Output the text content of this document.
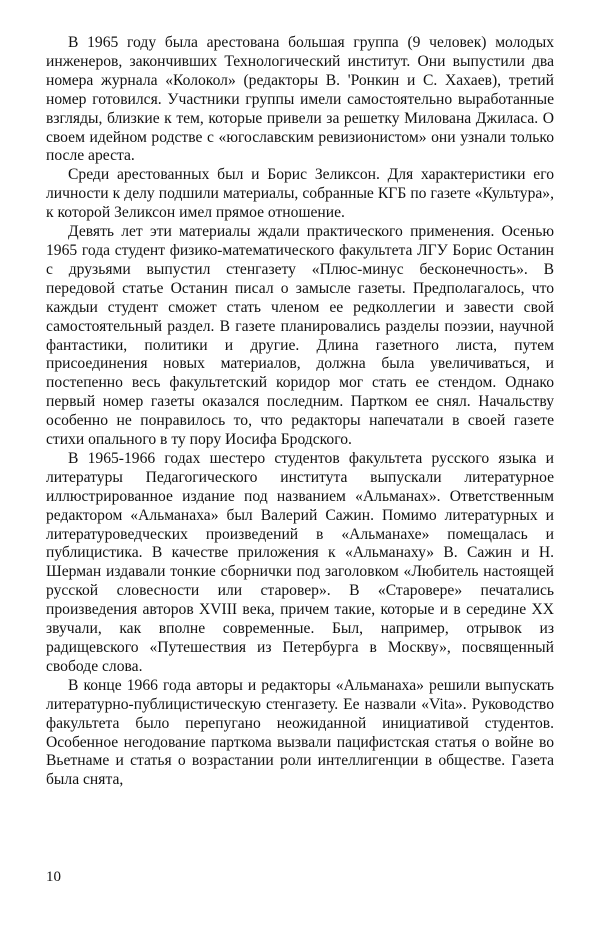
В 1965 году была арестована большая группа (9 человек) молодых инженеров, закончивших Технологический институт. Они выпустили два номера журнала «Колокол» (редакторы В. 'Ронкин и С. Хахаев), третий номер готовился. Участники группы имели самостоятельно выработанные взгляды, близкие к тем, которые привели за решетку Милована Джиласа. О своем идейном родстве с «югославским ревизионистом» они узнали только после ареста.

Среди арестованных был и Борис Зеликсон. Для характеристики его личности к делу подшили материалы, собранные КГБ по газете «Культура», к которой Зеликсон имел прямое отношение.

Девять лет эти материалы ждали практического применения. Осенью 1965 года студент физико-математического факультета ЛГУ Борис Останин с друзьями выпустил стенгазету «Плюс-минус бесконечность». В передовой статье Останин писал о замысле газеты. Предполагалось, что каждыи студент сможет стать членом ее редколлегии и завести свой самостоятельный раздел. В газете планировались разделы поэзии, научной фантастики, политики и другие. Длина газетного листа, путем присоединения новых материалов, должна была увеличиваться, и постепенно весь факультетский коридор мог стать ее стендом. Однако первый номер газеты оказался последним. Партком ее снял. Начальству особенно не понравилось то, что редакторы напечатали в своей газете стихи опального в ту пору Иосифа Бродского.

В 1965-1966 годах шестеро студентов факультета русского языка и литературы Педагогического института выпускали литературное иллюстрированное издание под названием «Альманах». Ответственным редактором «Альманаха» был Валерий Сажин. Помимо литературных и литературоведческих произведений в «Альманахе» помещалась и публицистика. В качестве приложения к «Альманаху» В. Сажин и Н. Шерман издавали тонкие сборнички под заголовком «Любитель настоящей русской словесности или старовер». В «Старовере» печатались произведения авторов XVIII века, причем такие, которые и в середине XX звучали, как вполне современные. Был, например, отрывок из радищевского «Путешествия из Петербурга в Москву», посвященный свободе слова.

В конце 1966 года авторы и редакторы «Альманаха» решили выпускать литературно-публицистическую стенгазету. Ее назвали «Vita». Руководство факультета было перепугано неожиданной инициативой студентов. Особенное негодование парткома вызвали пацифистская статья о войне во Вьетнаме и статья о возрастании роли интеллигенции в обществе. Газета была снята,

10
